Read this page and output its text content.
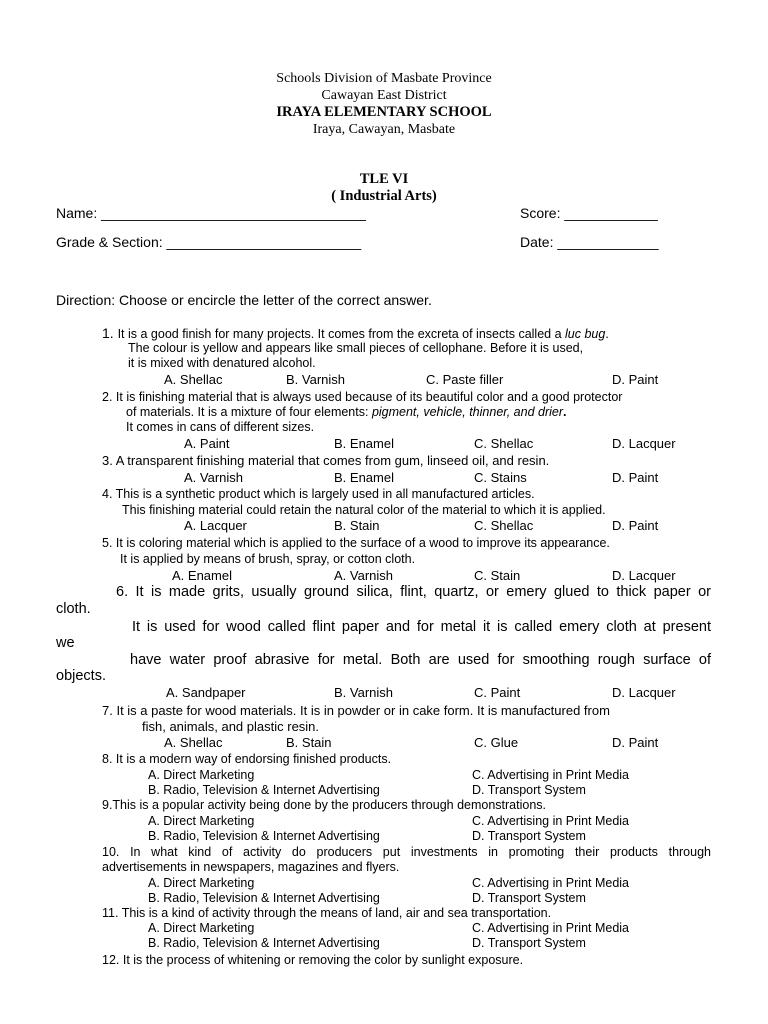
Schools Division of Masbate Province
Cawayan East District
IRAYA ELEMENTARY SCHOOL
Iraya, Cawayan, Masbate
TLE VI
( Industrial Arts)
Name: __________________________________	Score: ____________
Grade & Section: _________________________	Date: _____________
Direction: Choose or encircle the letter of the correct answer.
1. It is a good finish for many projects. It comes from the excreta of insects called a luc bug.
The colour is yellow and appears like small pieces of cellophane. Before it is used,
it is mixed with denatured alcohol.
A. Shellac	B. Varnish	C. Paste filler	D. Paint
2. It is finishing material that is always used because of its beautiful color and a good protector
of materials. It is a mixture of four elements: pigment, vehicle, thinner, and drier.
It comes in cans of different sizes.
A. Paint	B. Enamel	C. Shellac	D. Lacquer
3. A transparent finishing material that comes from gum, linseed oil, and resin.
A. Varnish	B. Enamel	C. Stains	D. Paint
4. This is a synthetic product which is largely used in all manufactured articles.
This finishing material could retain the natural color of the material to which it is applied.
A. Lacquer	B. Stain	C. Shellac	D. Paint
5. It is coloring material which is applied to the surface of a wood to improve its appearance.
It is applied by means of brush, spray, or cotton cloth.
A. Enamel	A. Varnish	C. Stain	D. Lacquer
6. It is made grits, usually ground silica, flint, quartz, or emery glued to thick paper or
cloth.
It is used for wood called flint paper and for metal it is called emery cloth at present
we
have water proof abrasive for metal. Both are used for smoothing rough surface of
objects.
A. Sandpaper	B. Varnish	C. Paint	D. Lacquer
7. It is a paste for wood materials. It is in powder or in cake form. It is manufactured from
fish, animals, and plastic resin.
A. Shellac	B. Stain	C. Glue	D. Paint
8. It is a modern way of endorsing finished products.
A. Direct Marketing	C. Advertising in Print Media
B. Radio, Television & Internet Advertising	D. Transport System
9.This is a popular activity being done by the producers through demonstrations.
A. Direct Marketing	C. Advertising in Print Media
B. Radio, Television & Internet Advertising	D. Transport System
10. In what kind of activity do producers put investments in promoting their products through
advertisements in newspapers, magazines and flyers.
A. Direct Marketing	C. Advertising in Print Media
B. Radio, Television & Internet Advertising	D. Transport System
11. This is a kind of activity through the means of land, air and sea transportation.
A. Direct Marketing	C. Advertising in Print Media
B. Radio, Television & Internet Advertising	D. Transport System
12. It is the process of whitening or removing the color by sunlight exposure.
